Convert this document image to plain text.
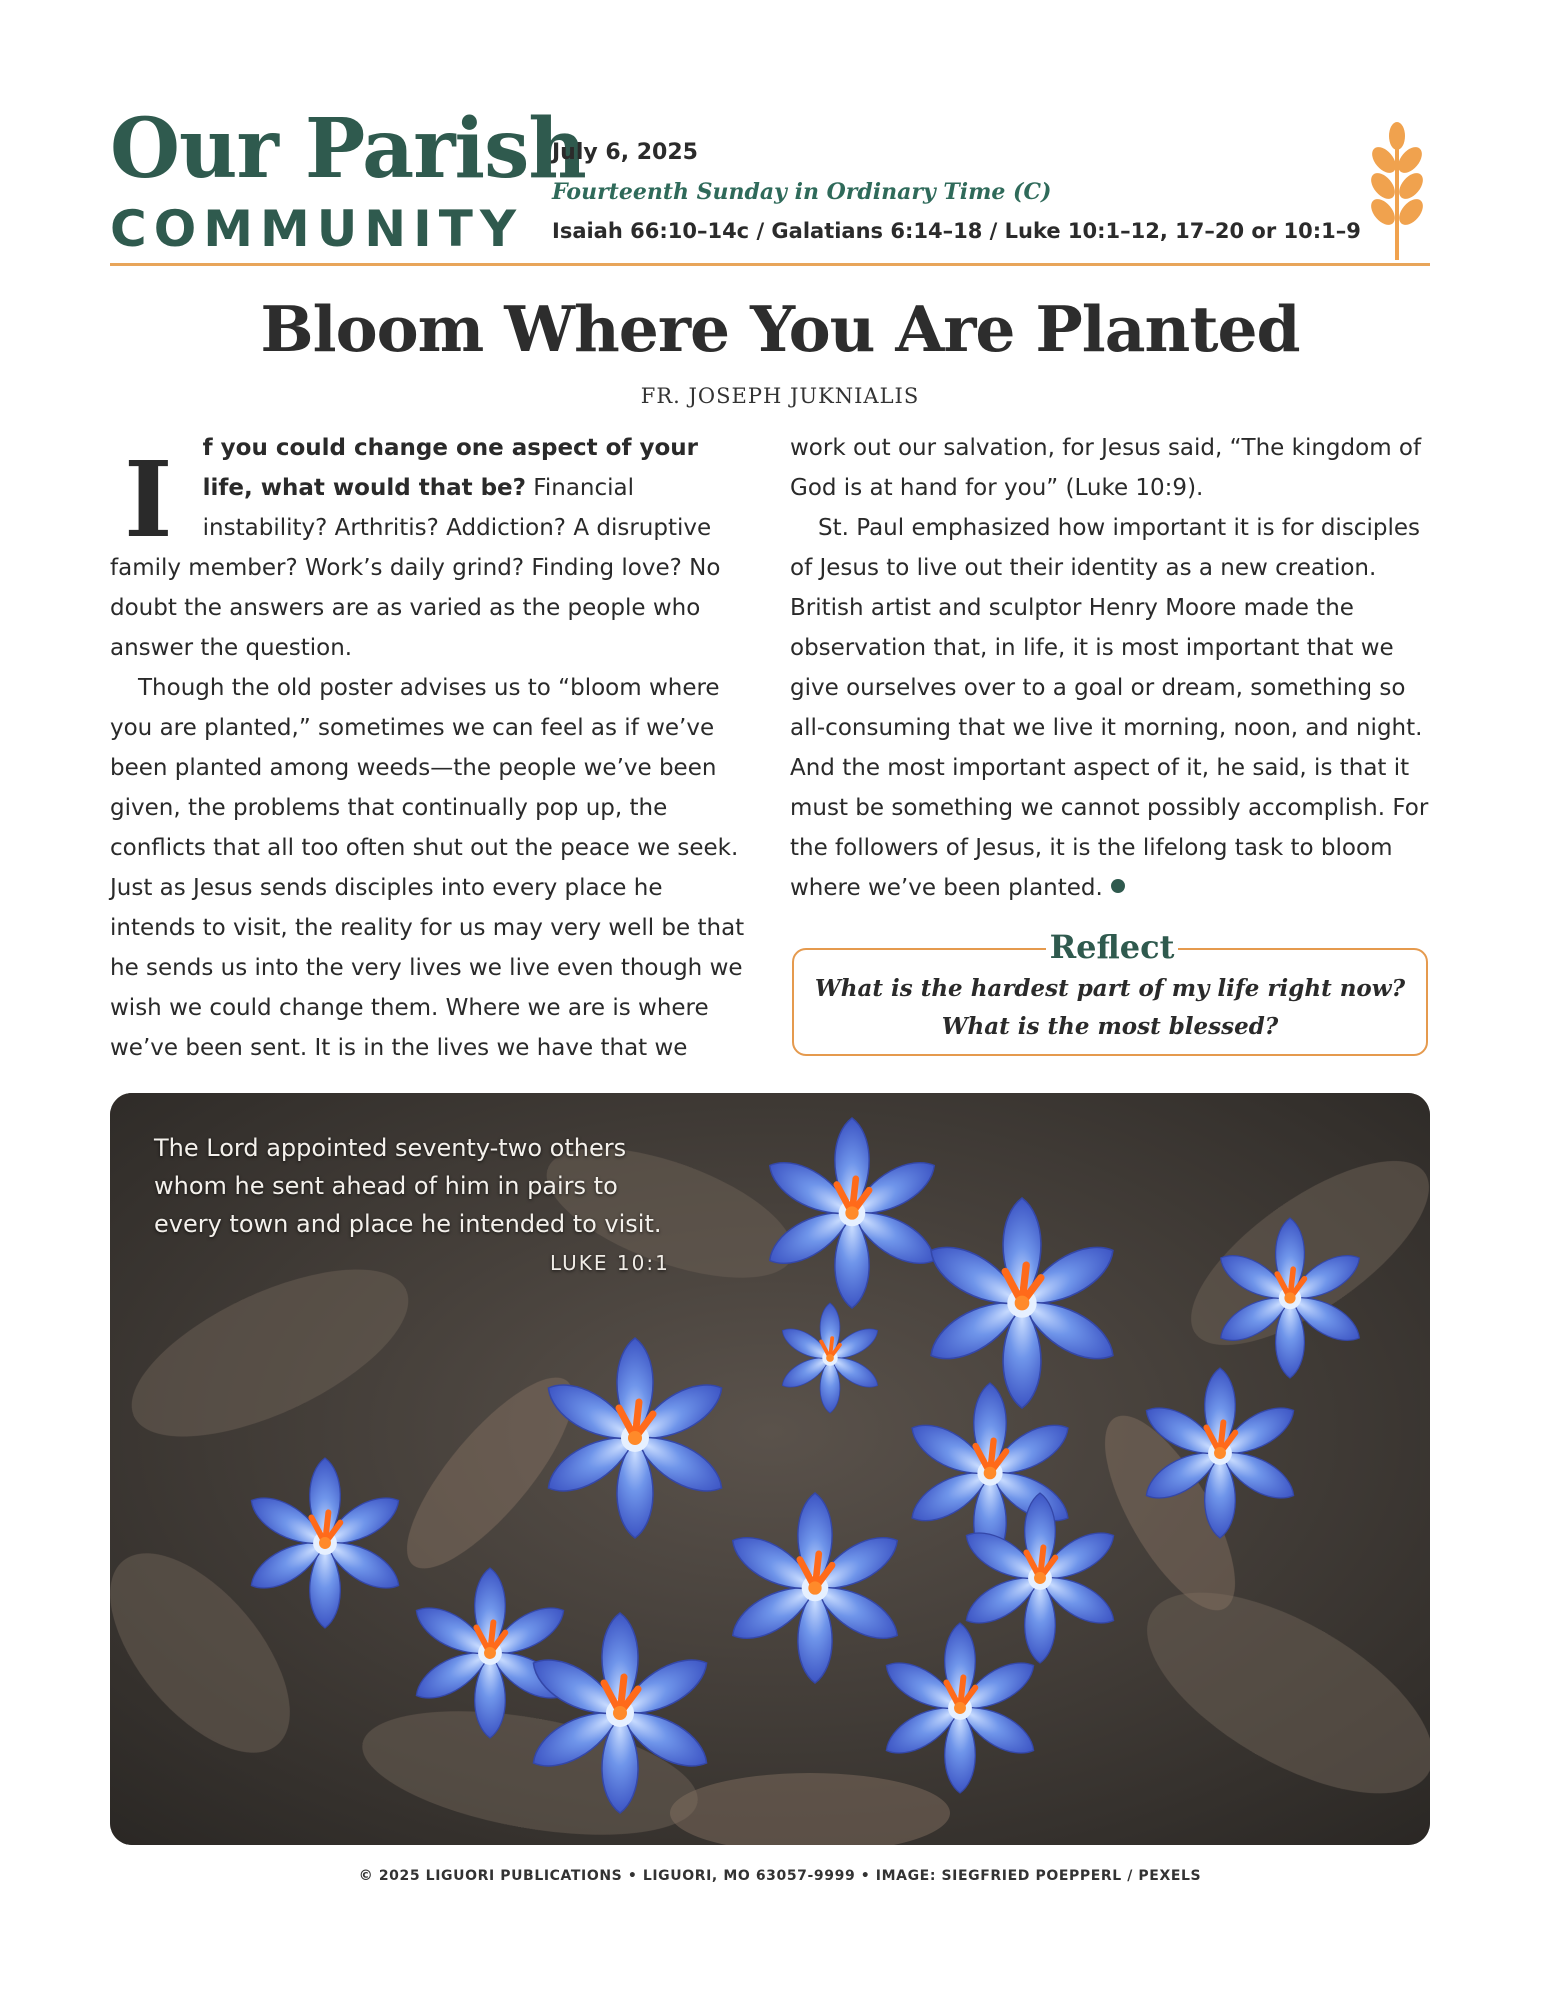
Our Parish
COMMUNITY
July 6, 2025
Fourteenth Sunday in Ordinary Time (C)
Isaiah 66:10–14c / Galatians 6:14–18 / Luke 10:1–12, 17–20 or 10:1–9
Bloom Where You Are Planted
FR. JOSEPH JUKNIALIS

I f you could change one aspect of your life, what would that be? Financial instability? Arthritis? Addiction? A disruptive family member? Work’s daily grind? Finding love? No doubt the answers are as varied as the people who answer the question.

Though the old poster advises us to “bloom where you are planted,” sometimes we can feel as if we’ve been planted among weeds—the people we’ve been given, the problems that continually pop up, the conflicts that all too often shut out the peace we seek. Just as Jesus sends disciples into every place he intends to visit, the reality for us may very well be that he sends us into the very lives we live even though we wish we could change them. Where we are is where we’ve been sent. It is in the lives we have that we

work out our salvation, for Jesus said, “The kingdom of God is at hand for you” (Luke 10:9).

St. Paul emphasized how important it is for disciples of Jesus to live out their identity as a new creation. British artist and sculptor Henry Moore made the observation that, in life, it is most important that we give ourselves over to a goal or dream, something so all-consuming that we live it morning, noon, and night. And the most important aspect of it, he said, is that it must be something we cannot possibly accomplish. For the followers of Jesus, it is the lifelong task to bloom where we’ve been planted.

Reflect
What is the hardest part of my life right now?
What is the most blessed?
The Lord appointed seventy-two others
whom he sent ahead of him in pairs to
every town and place he intended to visit.
LUKE 10:1
© 2025 LIGUORI PUBLICATIONS • LIGUORI, MO 63057-9999 • IMAGE: SIEGFRIED POEPPERL / PEXELS
